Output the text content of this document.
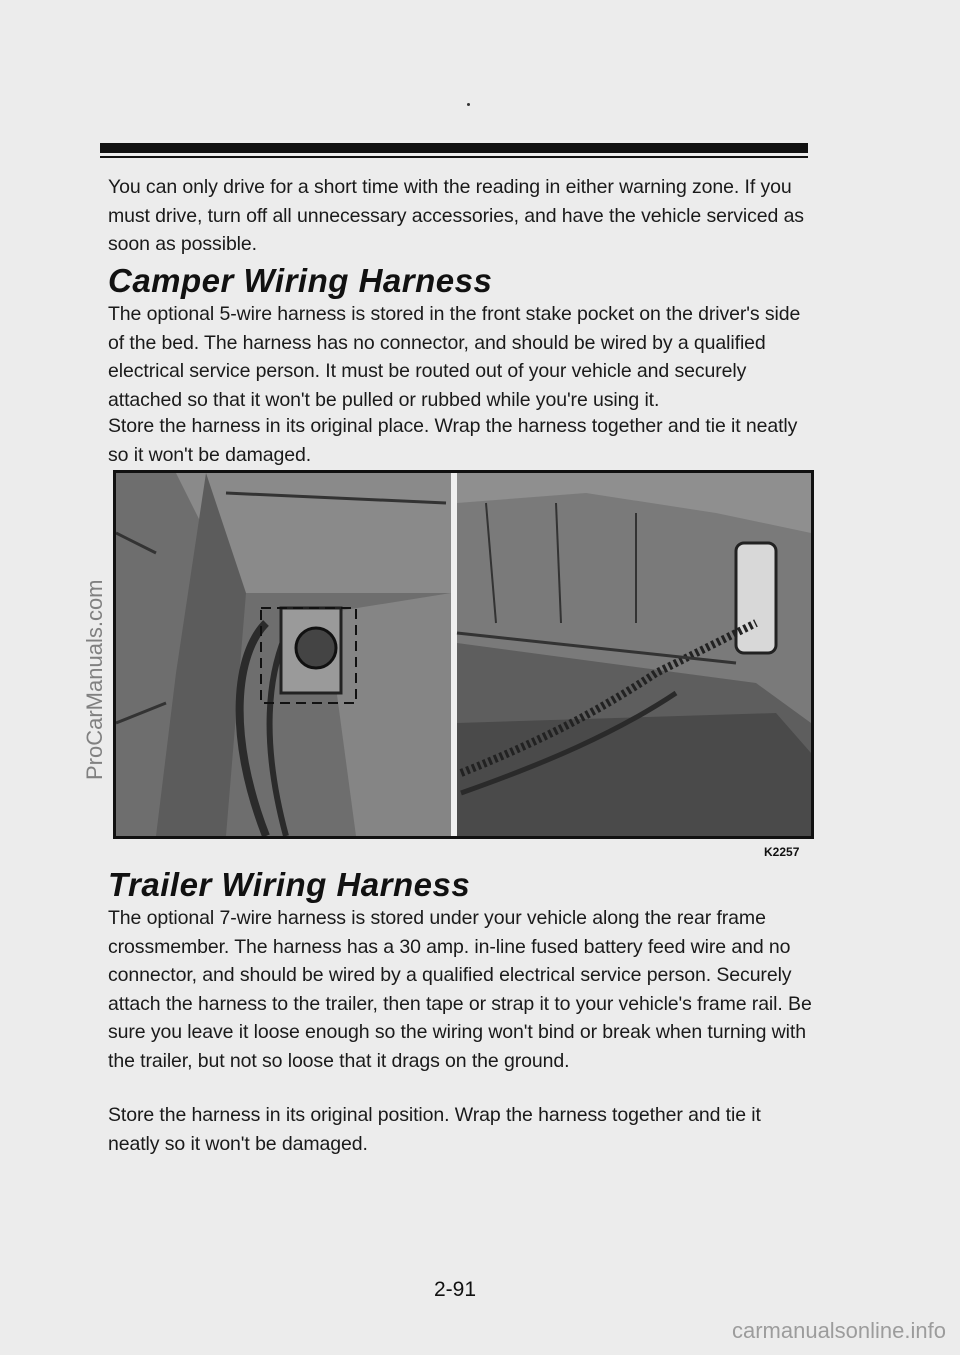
You can only drive for a short time with the reading in either warning zone. If you must drive, turn off all unnecessary accessories, and have the vehicle serviced as soon as possible.

Camper Wiring Harness

The optional 5-wire harness is stored in the front stake pocket on the driver's side of the bed. The harness has no connector, and should be wired by a qualified electrical service person. It must be routed out of your vehicle and securely attached so that it won't be pulled or rubbed while you're using it.

Store the harness in its original place. Wrap the harness together and tie it neatly so it won't be damaged.

K2257
Trailer Wiring Harness

The optional 7-wire harness is stored under your vehicle along the rear frame crossmember. The harness has a 30 amp. in-line fused battery feed wire and no connector, and should be wired by a qualified electrical service person. Securely attach the harness to the trailer, then tape or strap it to your vehicle's frame rail. Be sure you leave it loose enough so the wiring won't bind or break when turning with the trailer, but not so loose that it drags on the ground.

Store the harness in its original position. Wrap the harness together and tie it neatly so it won't be damaged.

2-91
ProCarManuals.com
carmanualsonline.info
